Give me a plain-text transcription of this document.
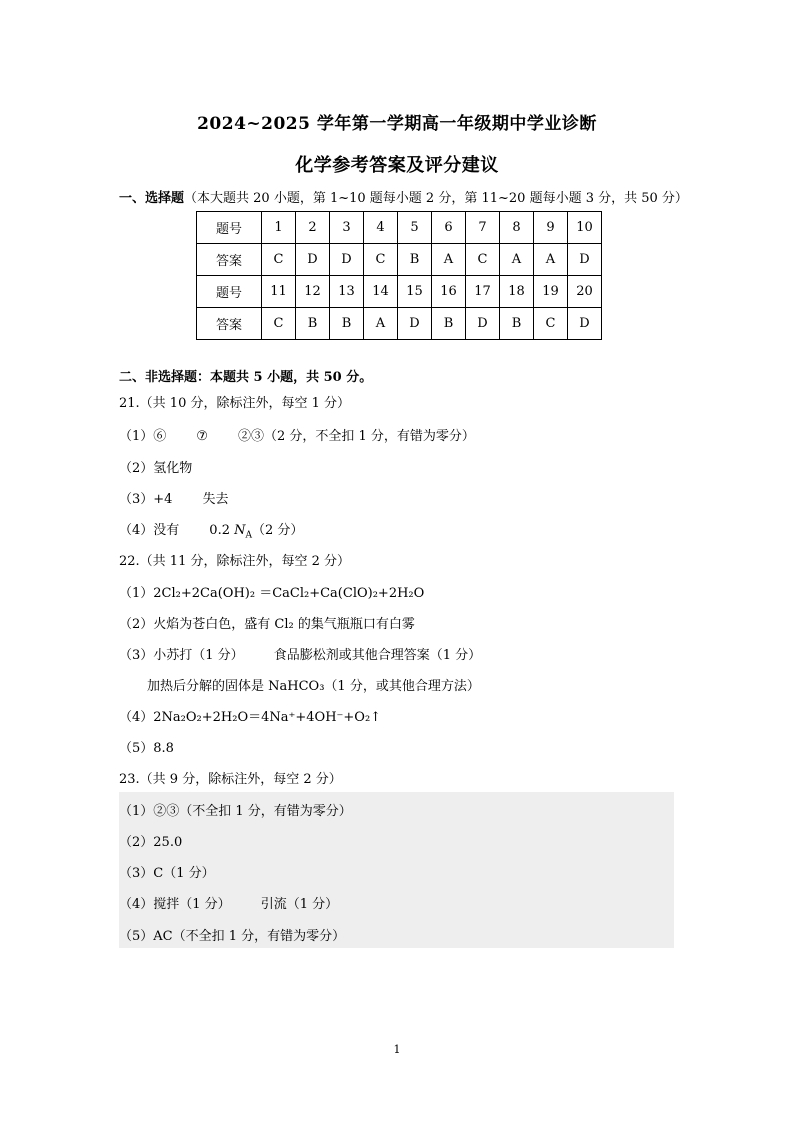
2024~2025 学年第一学期高一年级期中学业诊断
化学参考答案及评分建议
一、选择题（本大题共 20 小题，第 1~10 题每小题 2 分，第 11~20 题每小题 3 分，共 50 分）
题号	1	2	3	4	5	6	7	8	9	10
答案	C	D	D	C	B	A	C	A	A	D
题号	11	12	13	14	15	16	17	18	19	20
答案	C	B	B	A	D	B	D	B	C	D
二、非选择题：本题共 5 小题，共 50 分。
21.（共 10 分，除标注外，每空 1 分）
（1）⑥ ⑦ ②③（2 分，不全扣 1 分，有错为零分）
（2）氢化物
（3）+4 失去
（4）没有 0.2 $N_A(2$ 分）
22.（共 11 分，除标注外，每空 2 分）
（1）2Cl₂+2Ca(OH)₂ ＝CaCl₂+Ca(ClO)₂+2H₂O
（2）火焰为苍白色，盛有 Cl₂ 的集气瓶瓶口有白雾
（3）小苏打（1 分） 食品膨松剂或其他合理答案（1 分）
加热后分解的固体是 NaHCO₃（1 分，或其他合理方法）
（4）2Na₂O₂+2H₂O＝4Na⁺+4OH⁻+O₂↑
（5）8.8
23.（共 9 分，除标注外，每空 2 分）
（1）②③（不全扣 1 分，有错为零分）
（2）25.0
（3）C（1 分）
（4）搅拌（1 分） 引流（1 分）
（5）AC（不全扣 1 分，有错为零分）
1
